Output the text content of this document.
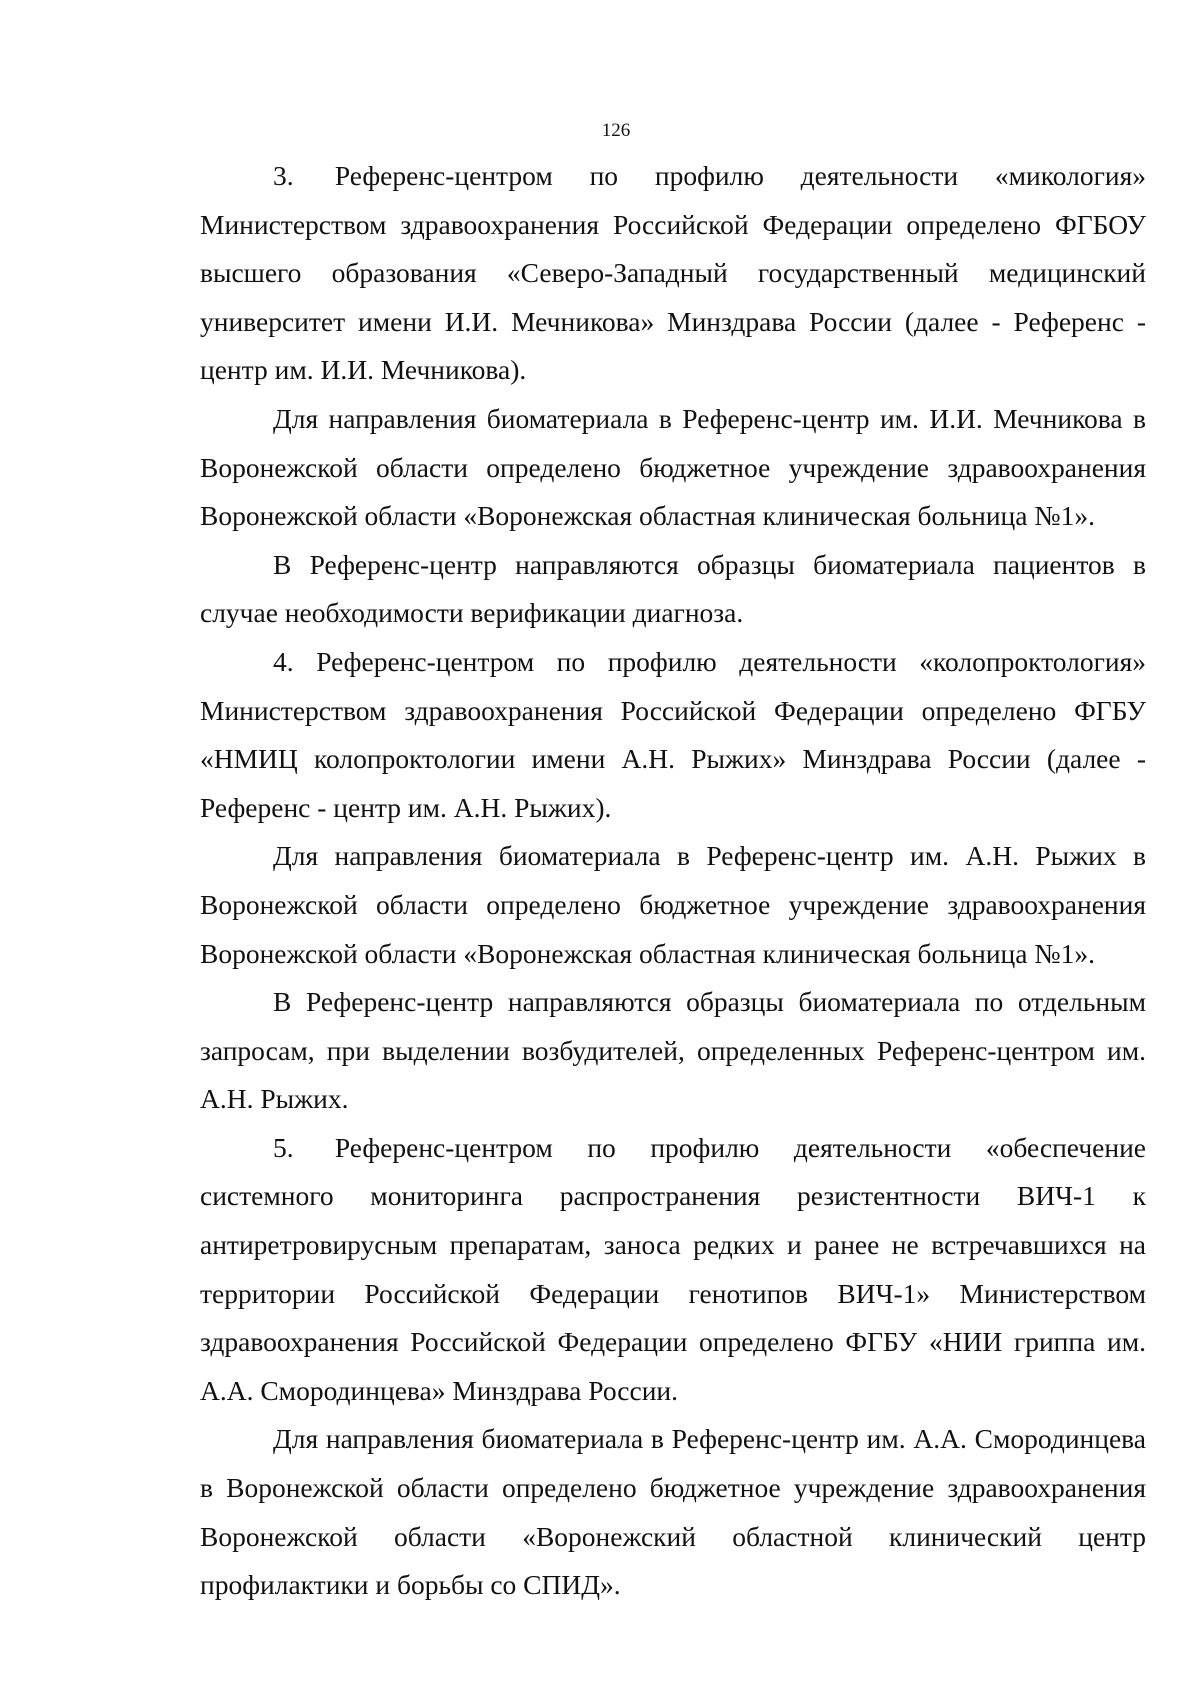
126

3.  Референс-центром по профилю деятельности «микология» Министерством здравоохранения Российской Федерации определено ФГБОУ высшего образования «Северо-Западный государственный медицинский университет имени И.И. Мечникова» Минздрава России (далее - Референс - центр им. И.И. Мечникова).

Для направления биоматериала в Референс-центр им. И.И. Мечникова в Воронежской области определено бюджетное учреждение здравоохранения Воронежской области «Воронежская областная клиническая больница №1».

В Референс-центр направляются образцы биоматериала пациентов в случае необходимости верификации диагноза.

4. Референс-центром по профилю деятельности «колопроктология» Министерством здравоохранения Российской Федерации определено ФГБУ «НМИЦ колопроктологии имени А.Н. Рыжих» Минздрава России (далее - Референс - центр им. А.Н. Рыжих).

Для направления биоматериала в Референс-центр им. А.Н. Рыжих в Воронежской области определено бюджетное учреждение здравоохранения Воронежской области «Воронежская областная клиническая больница №1».

В Референс-центр направляются образцы биоматериала по отдельным запросам, при выделении возбудителей, определенных Референс-центром им. А.Н. Рыжих.

5.  Референс-центром по профилю деятельности «обеспечение системного мониторинга распространения резистентности ВИЧ-1 к антиретровирусным препаратам, заноса редких и ранее не встречавшихся на территории Российской Федерации генотипов ВИЧ-1» Министерством здравоохранения Российской Федерации определено ФГБУ «НИИ гриппа им. А.А. Смородинцева» Минздрава России.

Для направления биоматериала в Референс-центр им. А.А. Смородинцева в Воронежской области определено бюджетное учреждение здравоохранения Воронежской области «Воронежский областной клинический центр профилактики и борьбы со СПИД».
